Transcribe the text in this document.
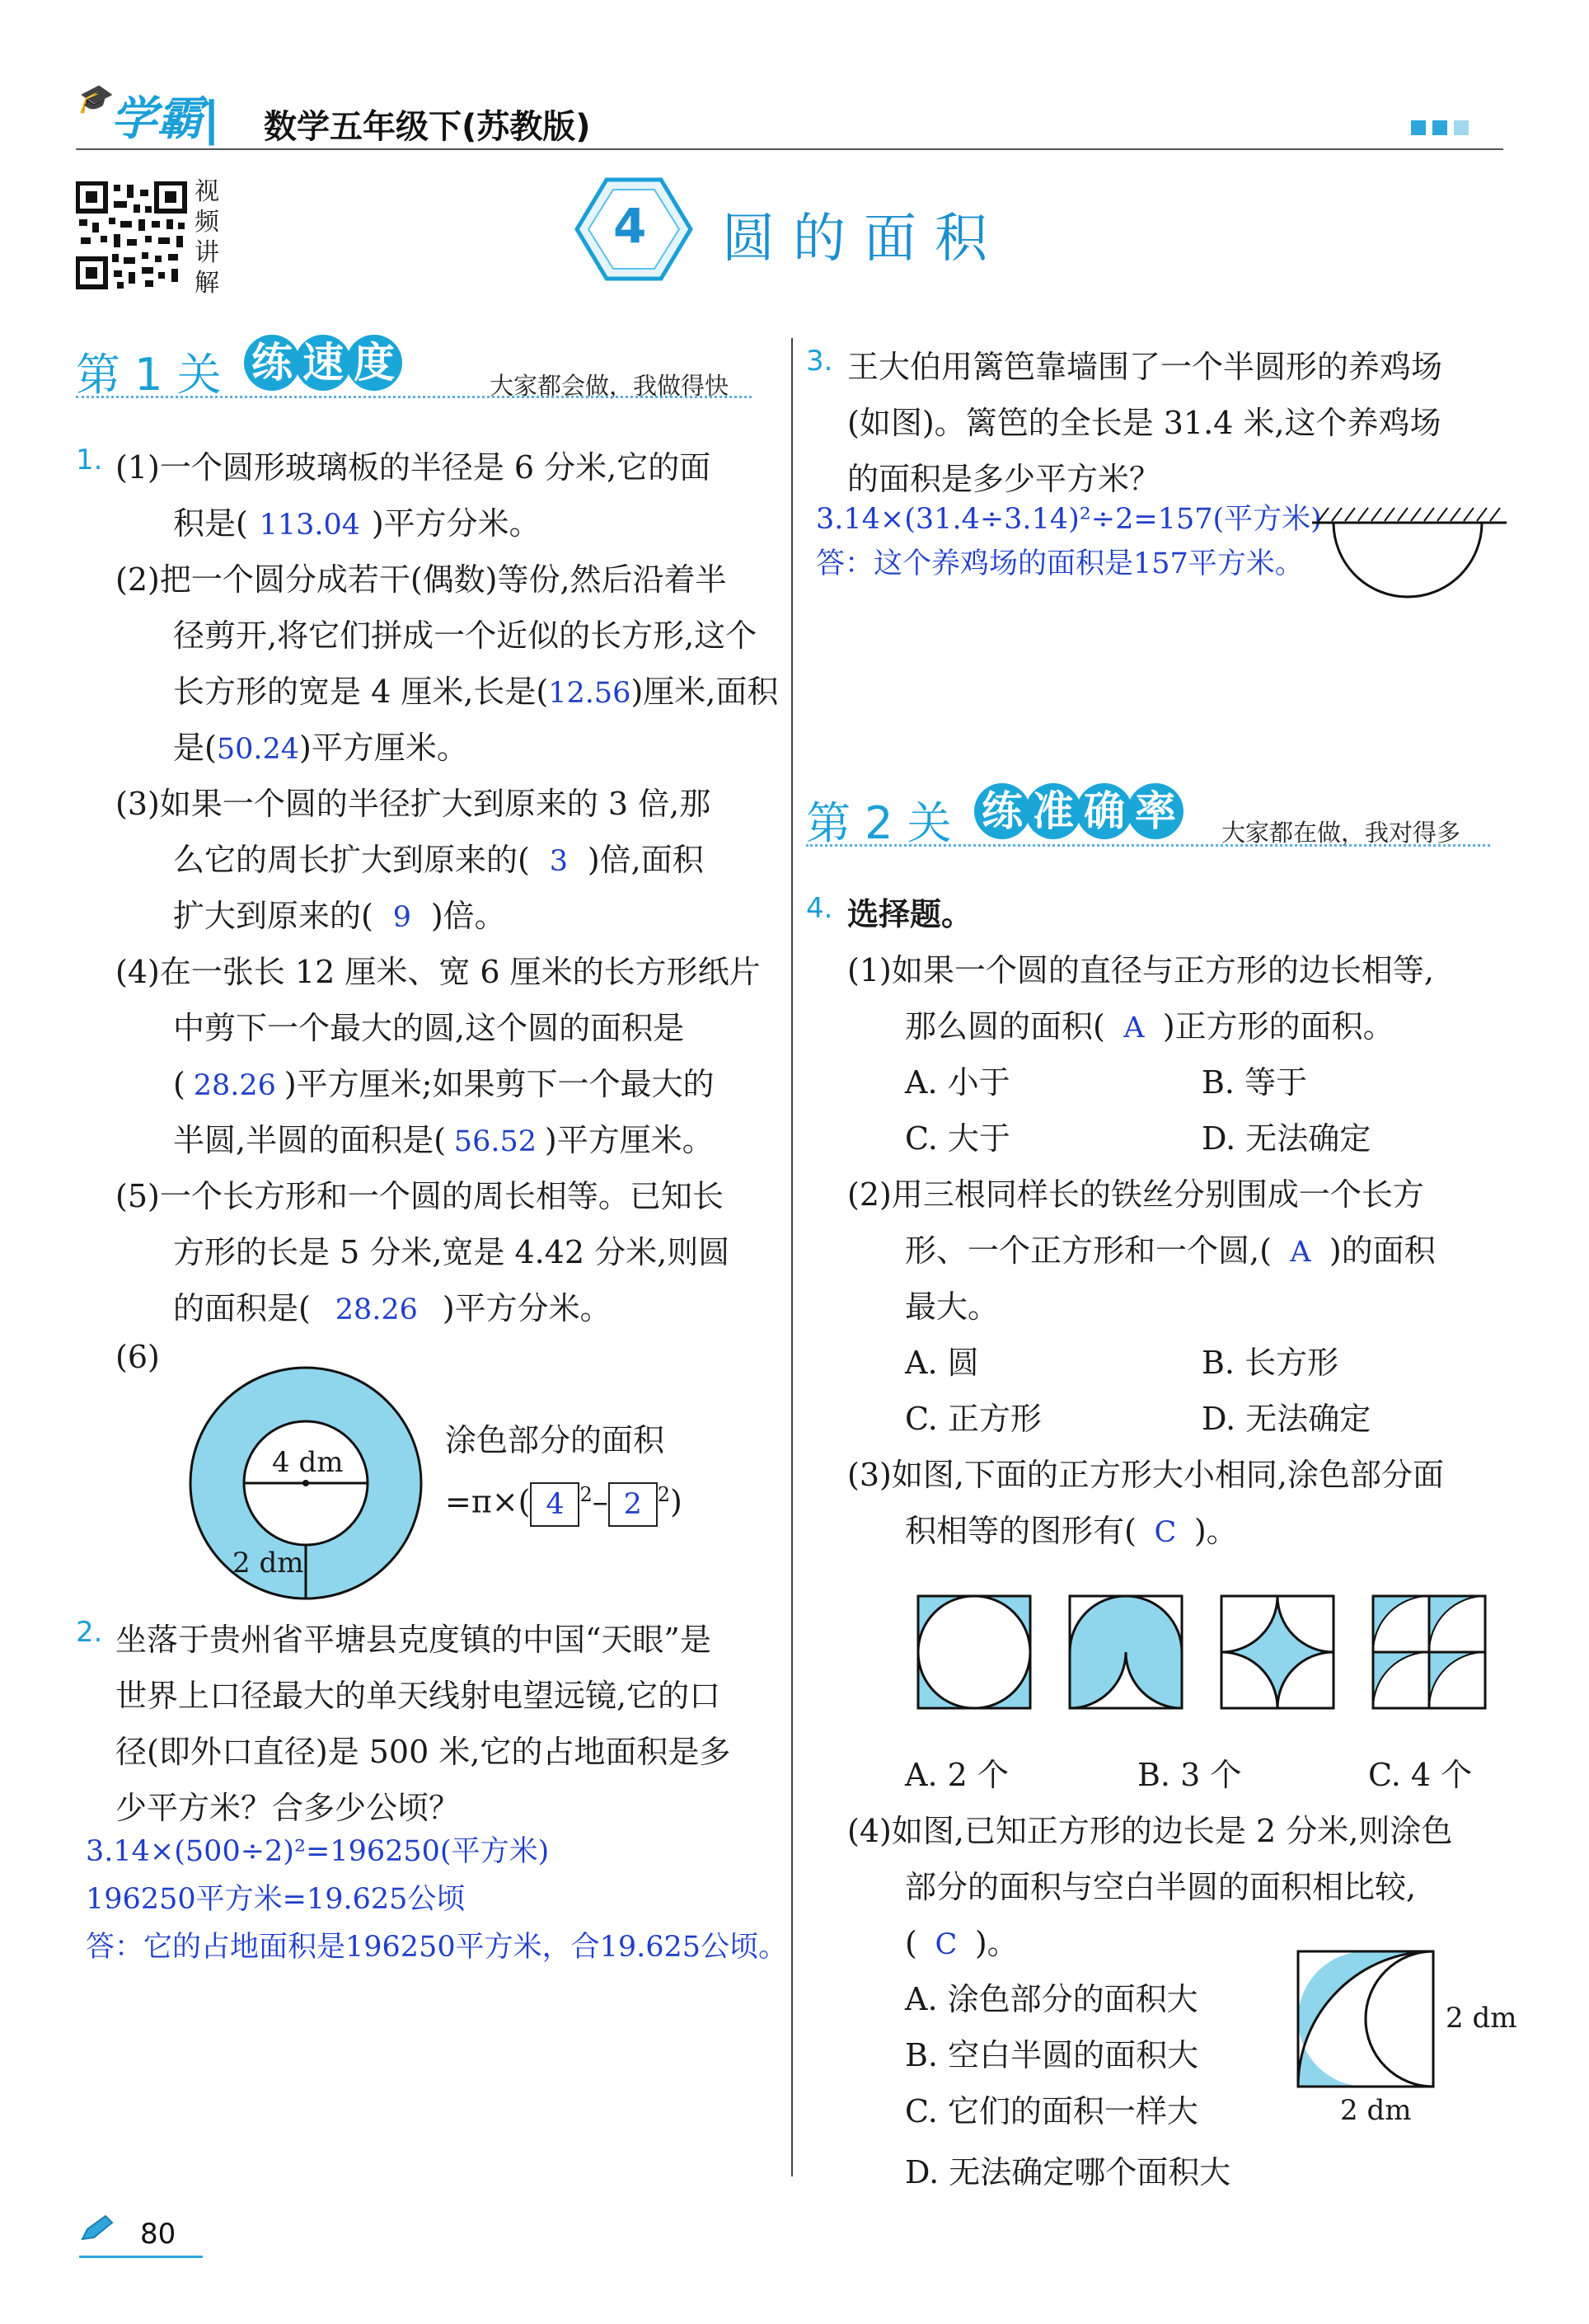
🎓学霸| 数学五年级下(苏教版)
视
频
讲
解
4 圆的面积
第 1 关 练 速 度	大家都会做，我做得快
1. (1)一个圆形玻璃板的半径是 6 分米,它的面
积是( 113.04 )平方分米。
(2)把一个圆分成若干(偶数)等份,然后沿着半
径剪开,将它们拼成一个近似的长方形,这个
长方形的宽是 4 厘米,长是(12.56)厘米,面积
是(50.24)平方厘米。
(3)如果一个圆的半径扩大到原来的 3 倍,那
么它的周长扩大到原来的( 3 )倍,面积
扩大到原来的( 9 )倍。
(4)在一张长 12 厘米、宽 6 厘米的长方形纸片
中剪下一个最大的圆,这个圆的面积是
( 28.26 )平方厘米;如果剪下一个最大的
半圆,半圆的面积是( 56.52 )平方厘米。
(5)一个长方形和一个圆的周长相等。已知长
方形的长是 5 分米,宽是 4.42 分米,则圆
的面积是( 28.26 )平方分米。
(6)
4 dm
2 dm
涂色部分的面积
=π×( 4 $^2$– 2 $^2$)
2. 坐落于贵州省平塘县克度镇的中国“天眼”是
世界上口径最大的单天线射电望远镜,它的口
径(即外口直径)是 500 米,它的占地面积是多
少平方米？合多少公顷？
3.14×(500÷2)²=196250(平方米)
196250平方米=19.625公顷
答：它的占地面积是196250平方米，合19.625公顷。
3. 王大伯用篱笆靠墙围了一个半圆形的养鸡场
(如图)。篱笆的全长是 31.4 米,这个养鸡场
的面积是多少平方米？
3.14×(31.4÷3.14)²÷2=157(平方米)
答：这个养鸡场的面积是157平方米。
第 2 关 练 准 确 率 大家都在做，我对得多
4. 选择题。
(1)如果一个圆的直径与正方形的边长相等,
那么圆的面积( A )正方形的面积。
A. 小于	B. 等于
C. 大于	D. 无法确定
(2)用三根同样长的铁丝分别围成一个长方
形、一个正方形和一个圆,( A )的面积
最大。
A. 圆	B. 长方形
C. 正方形	D. 无法确定
(3)如图,下面的正方形大小相同,涂色部分面
积相等的图形有( C )。
A. 2 个	B. 3 个	C. 4 个
(4)如图,已知正方形的边长是 2 分米,则涂色
部分的面积与空白半圆的面积相比较,
( C )。
A. 涂色部分的面积大
B. 空白半圆的面积大
C. 它们的面积一样大
D. 无法确定哪个面积大
2 dm
2 dm
80
